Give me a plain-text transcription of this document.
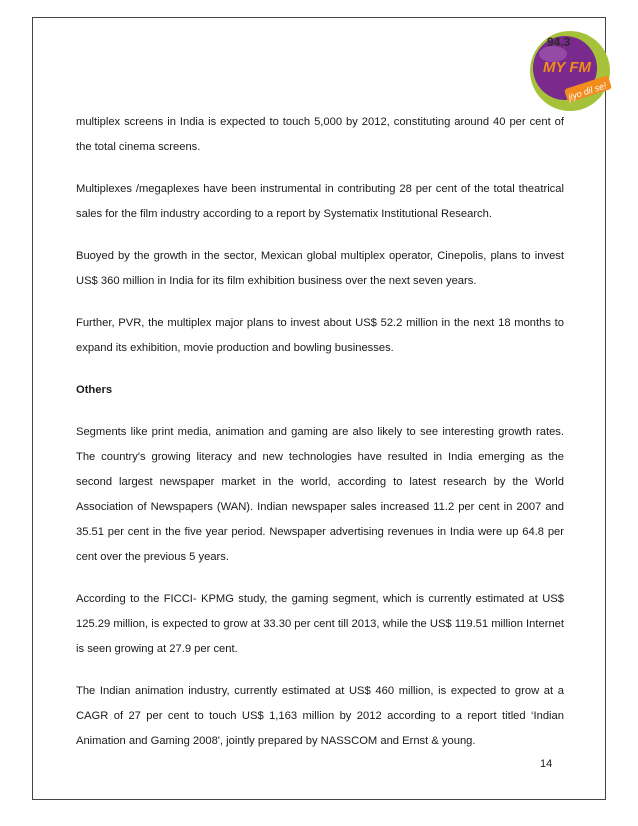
94.3
MY FM
jiyo dil se!

multiplex screens in India is expected to touch 5,000 by 2012, constituting around 40 per cent of the total cinema screens.

Multiplexes /megaplexes have been instrumental in contributing 28 per cent of the total theatrical sales for the film industry according to a report by Systematix Institutional Research.

Buoyed by the growth in the sector, Mexican global multiplex operator, Cinepolis, plans to invest US$ 360 million in India for its film exhibition business over the next seven years.

Further, PVR, the multiplex major plans to invest about US$ 52.2 million in the next 18 months to expand its exhibition, movie production and bowling businesses.

Others

Segments like print media, animation and gaming are also likely to see interesting growth rates. The country's growing literacy and new technologies have resulted in India emerging as the second largest newspaper market in the world, according to latest research by the World Association of Newspapers (WAN). Indian newspaper sales increased 11.2 per cent in 2007 and 35.51 per cent in the five year period. Newspaper advertising revenues in India were up 64.8 per cent over the previous 5 years.

According to the FICCI- KPMG study, the gaming segment, which is currently estimated at US$ 125.29 million, is expected to grow at 33.30 per cent till 2013, while the US$ 119.51 million Internet is seen growing at 27.9 per cent.

The Indian animation industry, currently estimated at US$ 460 million, is expected to grow at a CAGR of 27 per cent to touch US$ 1,163 million by 2012 according to a report titled ‘Indian Animation and Gaming 2008', jointly prepared by NASSCOM and Ernst & young.

14
